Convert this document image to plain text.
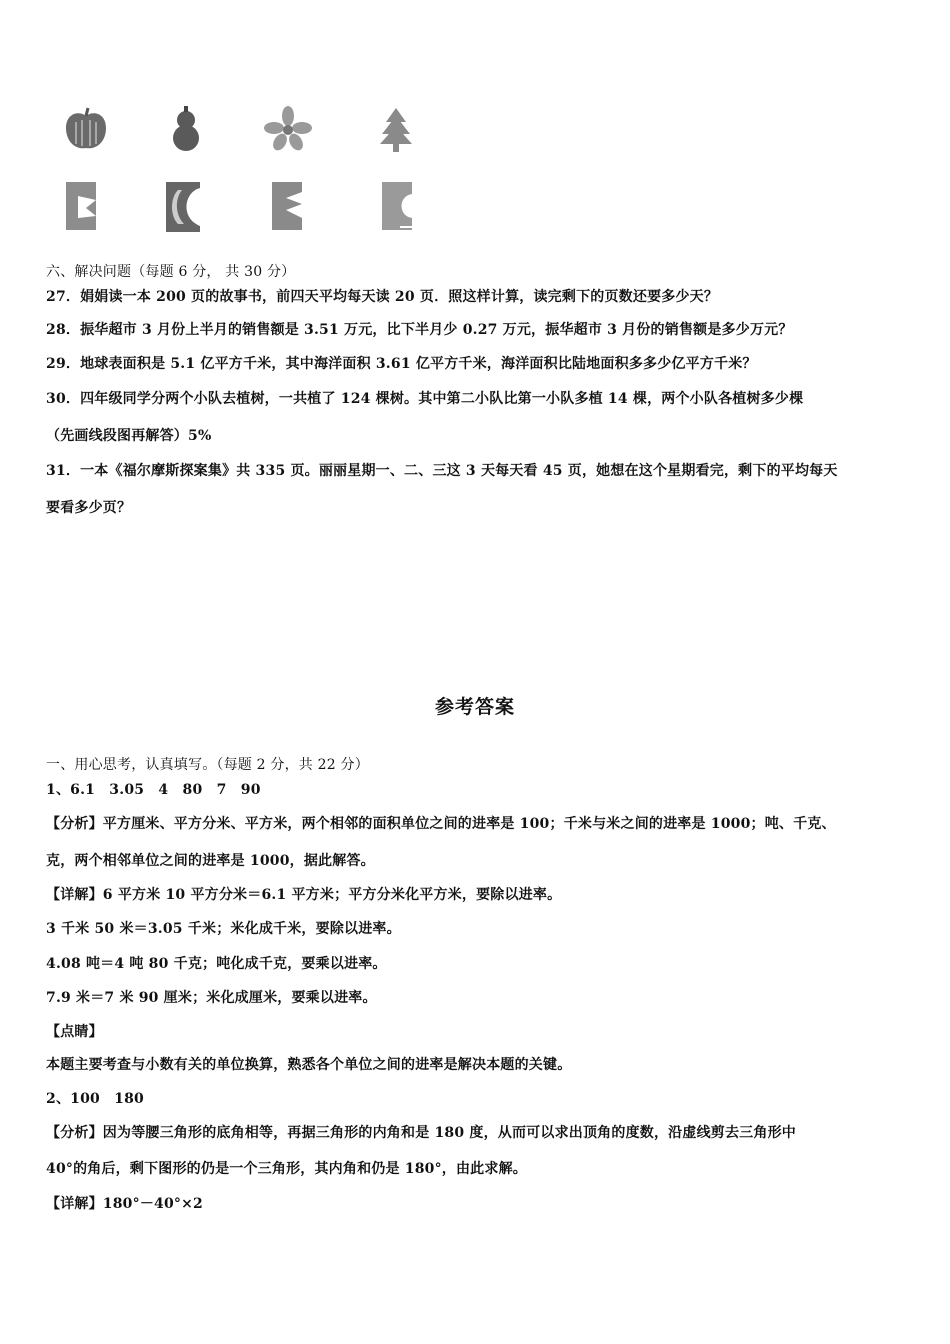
六、解决问题（每题 6 分， 共 30 分）
27．娟娟读一本 200 页的故事书，前四天平均每天读 20 页．照这样计算，读完剩下的页数还要多少天？
28．振华超市 3 月份上半月的销售额是 3.51 万元，比下半月少 0.27 万元，振华超市 3 月份的销售额是多少万元？
29．地球表面积是 5.1 亿平方千米，其中海洋面积 3.61 亿平方千米，海洋面积比陆地面积多多少亿平方千米？
30．四年级同学分两个小队去植树，一共植了 124 棵树。其中第二小队比第一小队多植 14 棵，两个小队各植树多少棵
（先画线段图再解答）5%
31．一本《福尔摩斯探案集》共 335 页。丽丽星期一、二、三这 3 天每天看 45 页，她想在这个星期看完，剩下的平均每天
要看多少页？
参考答案
一、用心思考，认真填写。（每题 2 分，共 22 分）
1、6.1　3.05　4　80　7　90
【分析】平方厘米、平方分米、平方米，两个相邻的面积单位之间的进率是 100；千米与米之间的进率是 1000；吨、千克、
克，两个相邻单位之间的进率是 1000，据此解答。
【详解】6 平方米 10 平方分米＝6.1 平方米；平方分米化平方米，要除以进率。
3 千米 50 米＝3.05 千米；米化成千米，要除以进率。
4.08 吨＝4 吨 80 千克；吨化成千克，要乘以进率。
7.9 米＝7 米 90 厘米；米化成厘米，要乘以进率。
【点睛】
本题主要考查与小数有关的单位换算，熟悉各个单位之间的进率是解决本题的关键。
2、100　180
【分析】因为等腰三角形的底角相等，再据三角形的内角和是 180 度，从而可以求出顶角的度数，沿虚线剪去三角形中
40°的角后，剩下图形的仍是一个三角形，其内角和仍是 180°，由此求解。
【详解】180°－40°×2
